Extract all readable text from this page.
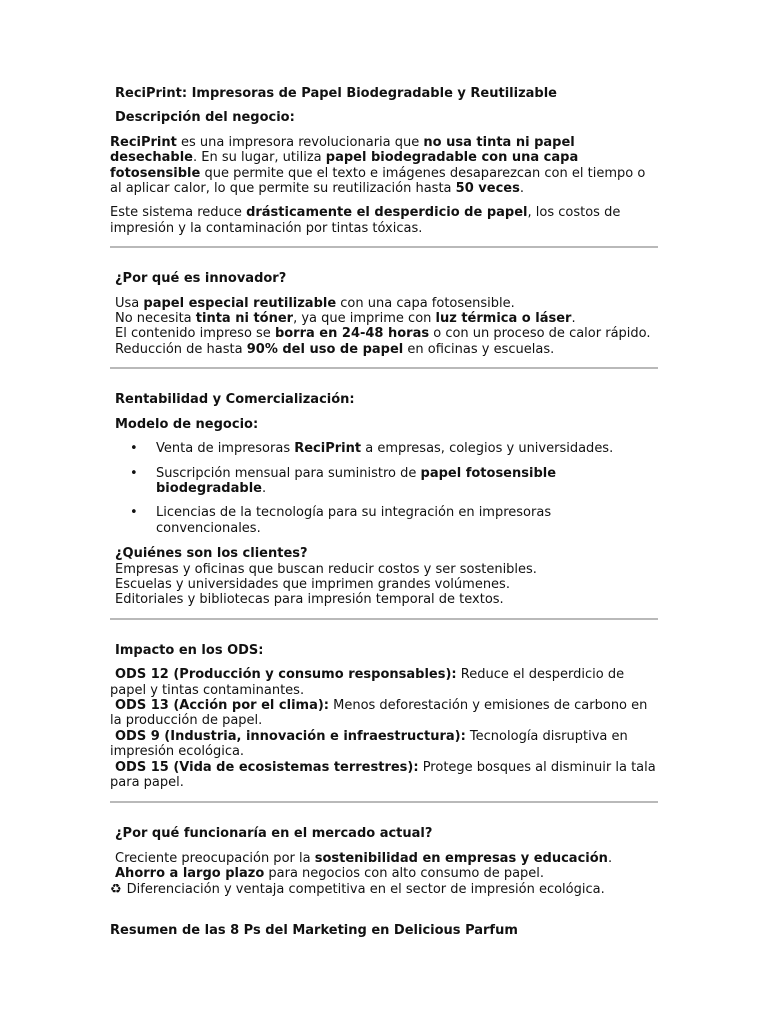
ReciPrint: Impresoras de Papel Biodegradable y Reutilizable

Descripción del negocio:

ReciPrint es una impresora revolucionaria que no usa tinta ni papel desechable. En su lugar, utiliza papel biodegradable con una capa fotosensible que permite que el texto e imágenes desaparezcan con el tiempo o al aplicar calor, lo que permite su reutilización hasta 50 veces.

Este sistema reduce drásticamente el desperdicio de papel, los costos de impresión y la contaminación por tintas tóxicas.

¿Por qué es innovador?

Usa papel especial reutilizable con una capa fotosensible.
No necesita tinta ni tóner, ya que imprime con luz térmica o láser.
El contenido impreso se borra en 24-48 horas o con un proceso de calor rápido.
Reducción de hasta 90% del uso de papel en oficinas y escuelas.

Rentabilidad y Comercialización:

Modelo de negocio:

• Venta de impresoras ReciPrint a empresas, colegios y universidades.
• Suscripción mensual para suministro de papel fotosensible biodegradable.
• Licencias de la tecnología para su integración en impresoras convencionales.
¿Quiénes son los clientes?
Empresas y oficinas que buscan reducir costos y ser sostenibles.
Escuelas y universidades que imprimen grandes volúmenes.
Editoriales y bibliotecas para impresión temporal de textos.

Impacto en los ODS:

ODS 12 (Producción y consumo responsables): Reduce el desperdicio de papel y tintas contaminantes.

ODS 13 (Acción por el clima): Menos deforestación y emisiones de carbono en la producción de papel.

ODS 9 (Industria, innovación e infraestructura): Tecnología disruptiva en impresión ecológica.

ODS 15 (Vida de ecosistemas terrestres): Protege bosques al disminuir la tala para papel.

¿Por qué funcionaría en el mercado actual?

Creciente preocupación por la sostenibilidad en empresas y educación.
Ahorro a largo plazo para negocios con alto consumo de papel.
♻ Diferenciación y ventaja competitiva en el sector de impresión ecológica.

Resumen de las 8 Ps del Marketing en Delicious Parfum
